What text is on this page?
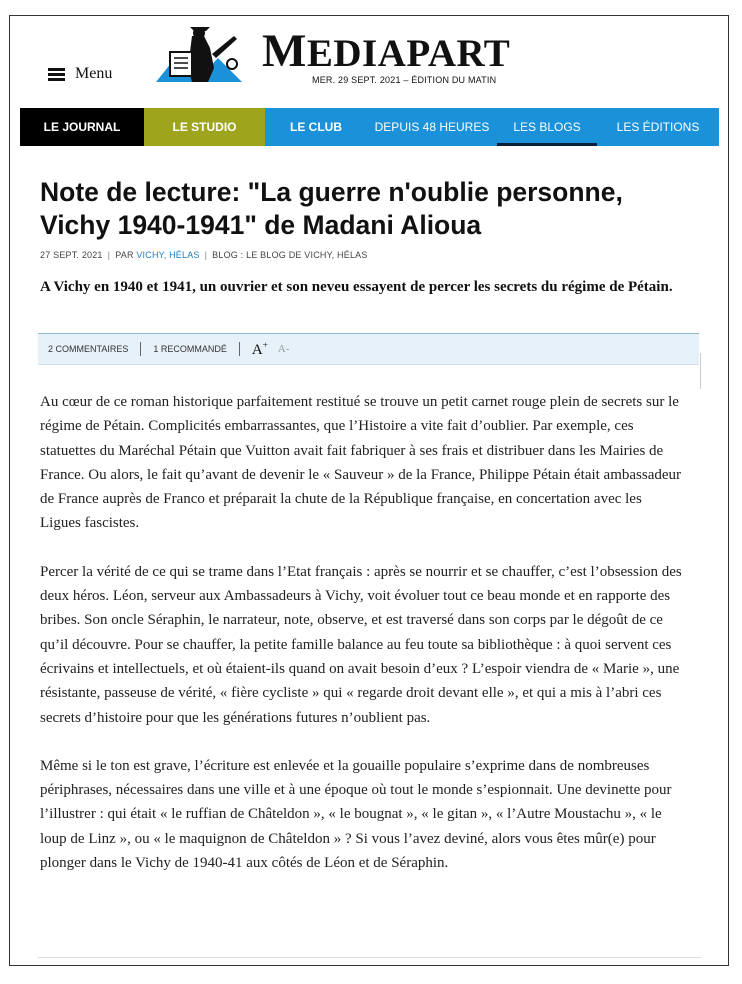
Menu	MEDIAPART
MER. 29 SEPT. 2021 – ÉDITION DU MATIN
LE JOURNAL	LE STUDIO	LE CLUB	DEPUIS 48 HEURES	LES BLOGS	LES ÉDITIONS
Note de lecture: "La guerre n'oublie personne, Vichy 1940-1941" de Madani Alioua
27 SEPT. 2021 | PAR VICHY, HÉLAS | BLOG : LE BLOG DE VICHY, HÉLAS

A Vichy en 1940 et 1941, un ouvrier et son neveu essayent de percer les secrets du régime de Pétain.

2 COMMENTAIRES	1 RECOMMANDÉ A+ A-

Au cœur de ce roman historique parfaitement restitué se trouve un petit carnet rouge plein de secrets sur le régime de Pétain. Complicités embarrassantes, que l’Histoire a vite fait d’oublier. Par exemple, ces statuettes du Maréchal Pétain que Vuitton avait fait fabriquer à ses frais et distribuer dans les Mairies de France. Ou alors, le fait qu’avant de devenir le « Sauveur » de la France, Philippe Pétain était ambassadeur de France auprès de Franco et préparait la chute de la République française, en concertation avec les Ligues fascistes.

Percer la vérité de ce qui se trame dans l’Etat français : après se nourrir et se chauffer, c’est l’obsession des deux héros. Léon, serveur aux Ambassadeurs à Vichy, voit évoluer tout ce beau monde et en rapporte des bribes. Son oncle Séraphin, le narrateur, note, observe, et est traversé dans son corps par le dégoût de ce qu’il découvre. Pour se chauffer, la petite famille balance au feu toute sa bibliothèque : à quoi servent ces écrivains et intellectuels, et où étaient-ils quand on avait besoin d’eux ? L’espoir viendra de « Marie », une résistante, passeuse de vérité, « fière cycliste » qui « regarde droit devant elle », et qui a mis à l’abri ces secrets d’histoire pour que les générations futures n’oublient pas.

Même si le ton est grave, l’écriture est enlevée et la gouaille populaire s’exprime dans de nombreuses périphrases, nécessaires dans une ville et à une époque où tout le monde s’espionnait. Une devinette pour l’illustrer : qui était « le ruffian de Châteldon », « le bougnat », « le gitan », « l’Autre Moustachu », « le loup de Linz », ou « le maquignon de Châteldon » ? Si vous l’avez deviné, alors vous êtes mûr(e) pour plonger dans le Vichy de 1940-41 aux côtés de Léon et de Séraphin.
